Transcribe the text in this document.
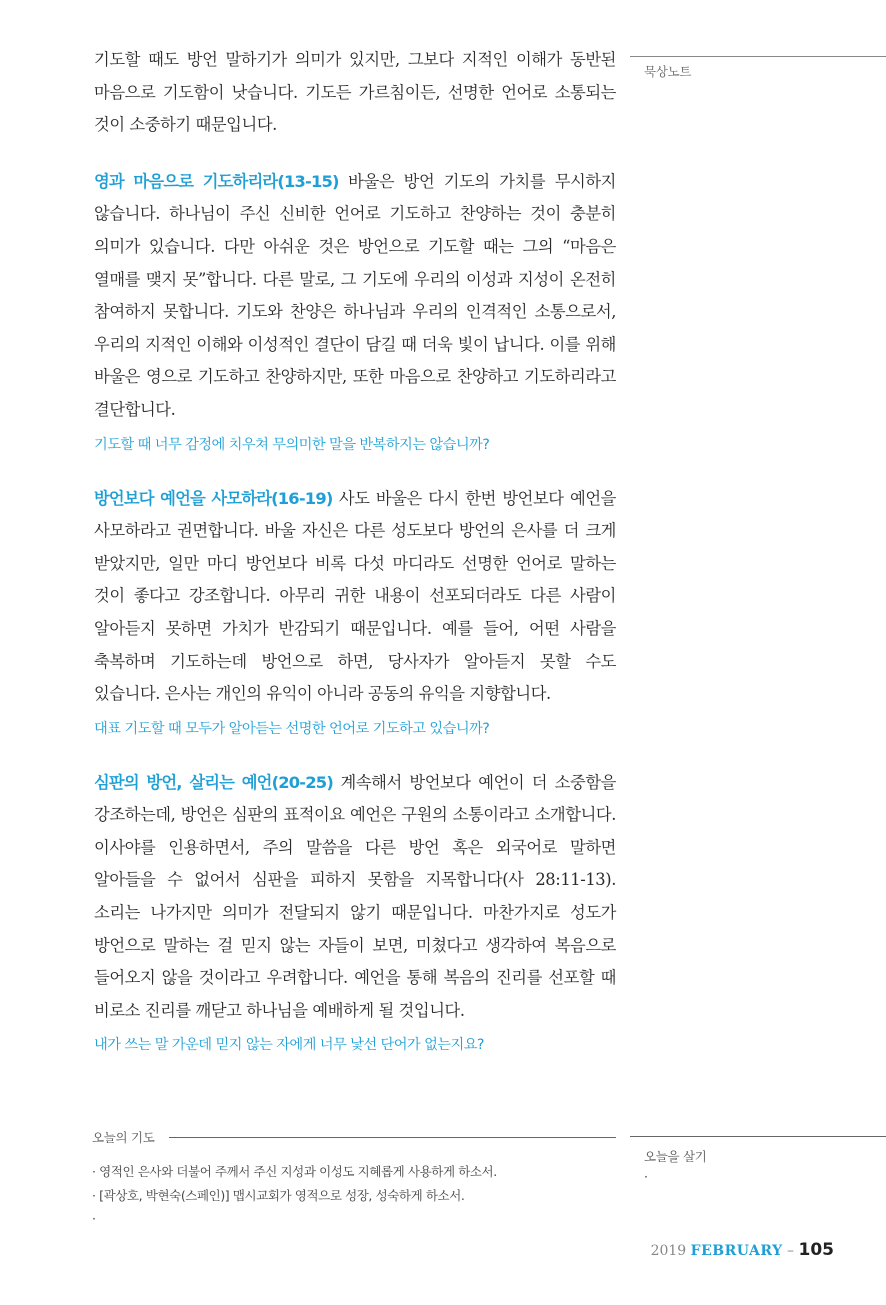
기도할 때도 방언 말하기가 의미가 있지만, 그보다 지적인 이해가 동반된 마음으로 기도함이 낫습니다. 기도든 가르침이든, 선명한 언어로 소통되는 것이 소중하기 때문입니다.

영과 마음으로 기도하리라(13-15) 바울은 방언 기도의 가치를 무시하지 않습니다. 하나님이 주신 신비한 언어로 기도하고 찬양하는 것이 충분히 의미가 있습니다. 다만 아쉬운 것은 방언으로 기도할 때는 그의 “마음은 열매를 맺지 못”합니다. 다른 말로, 그 기도에 우리의 이성과 지성이 온전히 참여하지 못합니다. 기도와 찬양은 하나님과 우리의 인격적인 소통으로서, 우리의 지적인 이해와 이성적인 결단이 담길 때 더욱 빛이 납니다. 이를 위해 바울은 영으로 기도하고 찬양하지만, 또한 마음으로 찬양하고 기도하리라고 결단합니다.

기도할 때 너무 감정에 치우쳐 무의미한 말을 반복하지는 않습니까?

방언보다 예언을 사모하라(16-19) 사도 바울은 다시 한번 방언보다 예언을 사모하라고 권면합니다. 바울 자신은 다른 성도보다 방언의 은사를 더 크게 받았지만, 일만 마디 방언보다 비록 다섯 마디라도 선명한 언어로 말하는 것이 좋다고 강조합니다. 아무리 귀한 내용이 선포되더라도 다른 사람이 알아듣지 못하면 가치가 반감되기 때문입니다. 예를 들어, 어떤 사람을 축복하며 기도하는데 방언으로 하면, 당사자가 알아듣지 못할 수도 있습니다. 은사는 개인의 유익이 아니라 공동의 유익을 지향합니다.

대표 기도할 때 모두가 알아듣는 선명한 언어로 기도하고 있습니까?

심판의 방언, 살리는 예언(20-25) 계속해서 방언보다 예언이 더 소중함을 강조하는데, 방언은 심판의 표적이요 예언은 구원의 소통이라고 소개합니다. 이사야를 인용하면서, 주의 말씀을 다른 방언 혹은 외국어로 말하면 알아들을 수 없어서 심판을 피하지 못함을 지목합니다(사 28:11-13). 소리는 나가지만 의미가 전달되지 않기 때문입니다. 마찬가지로 성도가 방언으로 말하는 걸 믿지 않는 자들이 보면, 미쳤다고 생각하여 복음으로 들어오지 않을 것이라고 우려합니다. 예언을 통해 복음의 진리를 선포할 때 비로소 진리를 깨닫고 하나님을 예배하게 될 것입니다.

내가 쓰는 말 가운데 믿지 않는 자에게 너무 낯선 단어가 없는지요?
묵상노트
오늘의 기도
· 영적인 은사와 더불어 주께서 주신 지성과 이성도 지혜롭게 사용하게 하소서.
· [곽상호, 박현숙(스페인)] 맵시교회가 영적으로 성장, 성숙하게 하소서.
·
오늘을 살기
·
2019 FEBRUARY – 105
